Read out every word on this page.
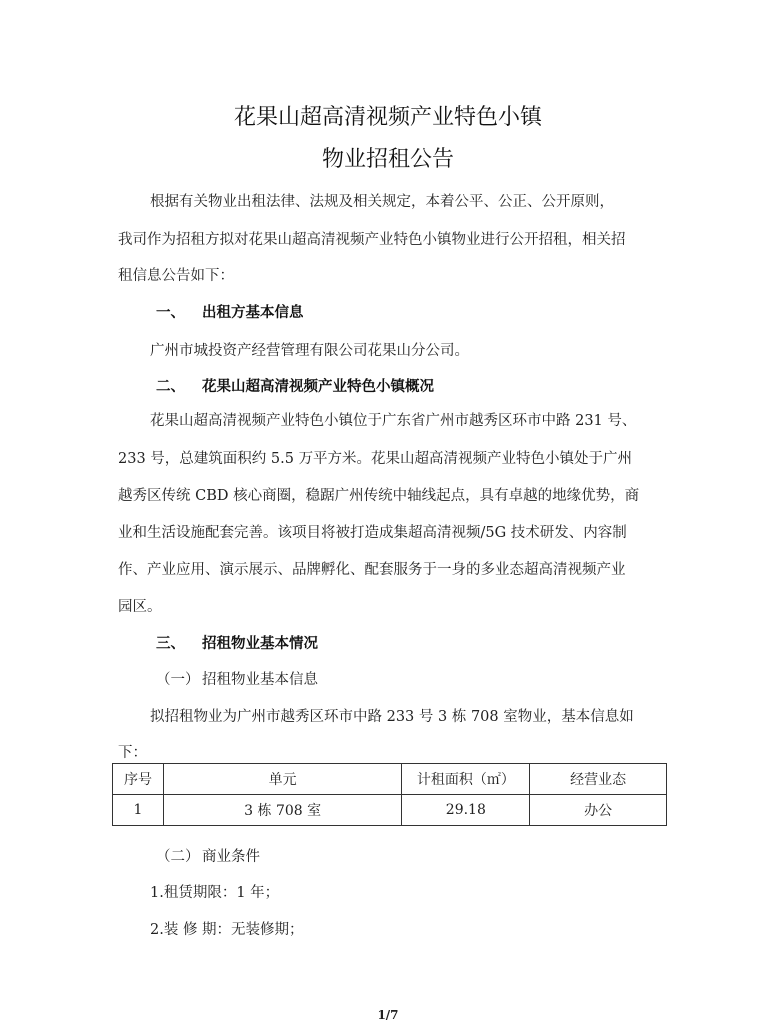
花果山超高清视频产业特色小镇
物业招租公告
根据有关物业出租法律、法规及相关规定，本着公平、公正、公开原则，
我司作为招租方拟对花果山超高清视频产业特色小镇物业进行公开招租，相关招
租信息公告如下：
一、 出租方基本信息
广州市城投资产经营管理有限公司花果山分公司。
二、 花果山超高清视频产业特色小镇概况
花果山超高清视频产业特色小镇位于广东省广州市越秀区环市中路 231 号、
233 号，总建筑面积约 5.5 万平方米。花果山超高清视频产业特色小镇处于广州
越秀区传统 CBD 核心商圈，稳踞广州传统中轴线起点，具有卓越的地缘优势，商
业和生活设施配套完善。该项目将被打造成集超高清视频/5G 技术研发、内容制
作、产业应用、演示展示、品牌孵化、配套服务于一身的多业态超高清视频产业
园区。
三、 招租物业基本情况
（一） 招租物业基本信息
拟招租物业为广州市越秀区环市中路 233 号 3 栋 708 室物业，基本信息如
下：
序号	单元	计租面积（㎡）	经营业态
1	3 栋 708 室	29.18	办公
（二） 商业条件
1.租赁期限：1 年；
2.装 修 期：无装修期；
1/7
